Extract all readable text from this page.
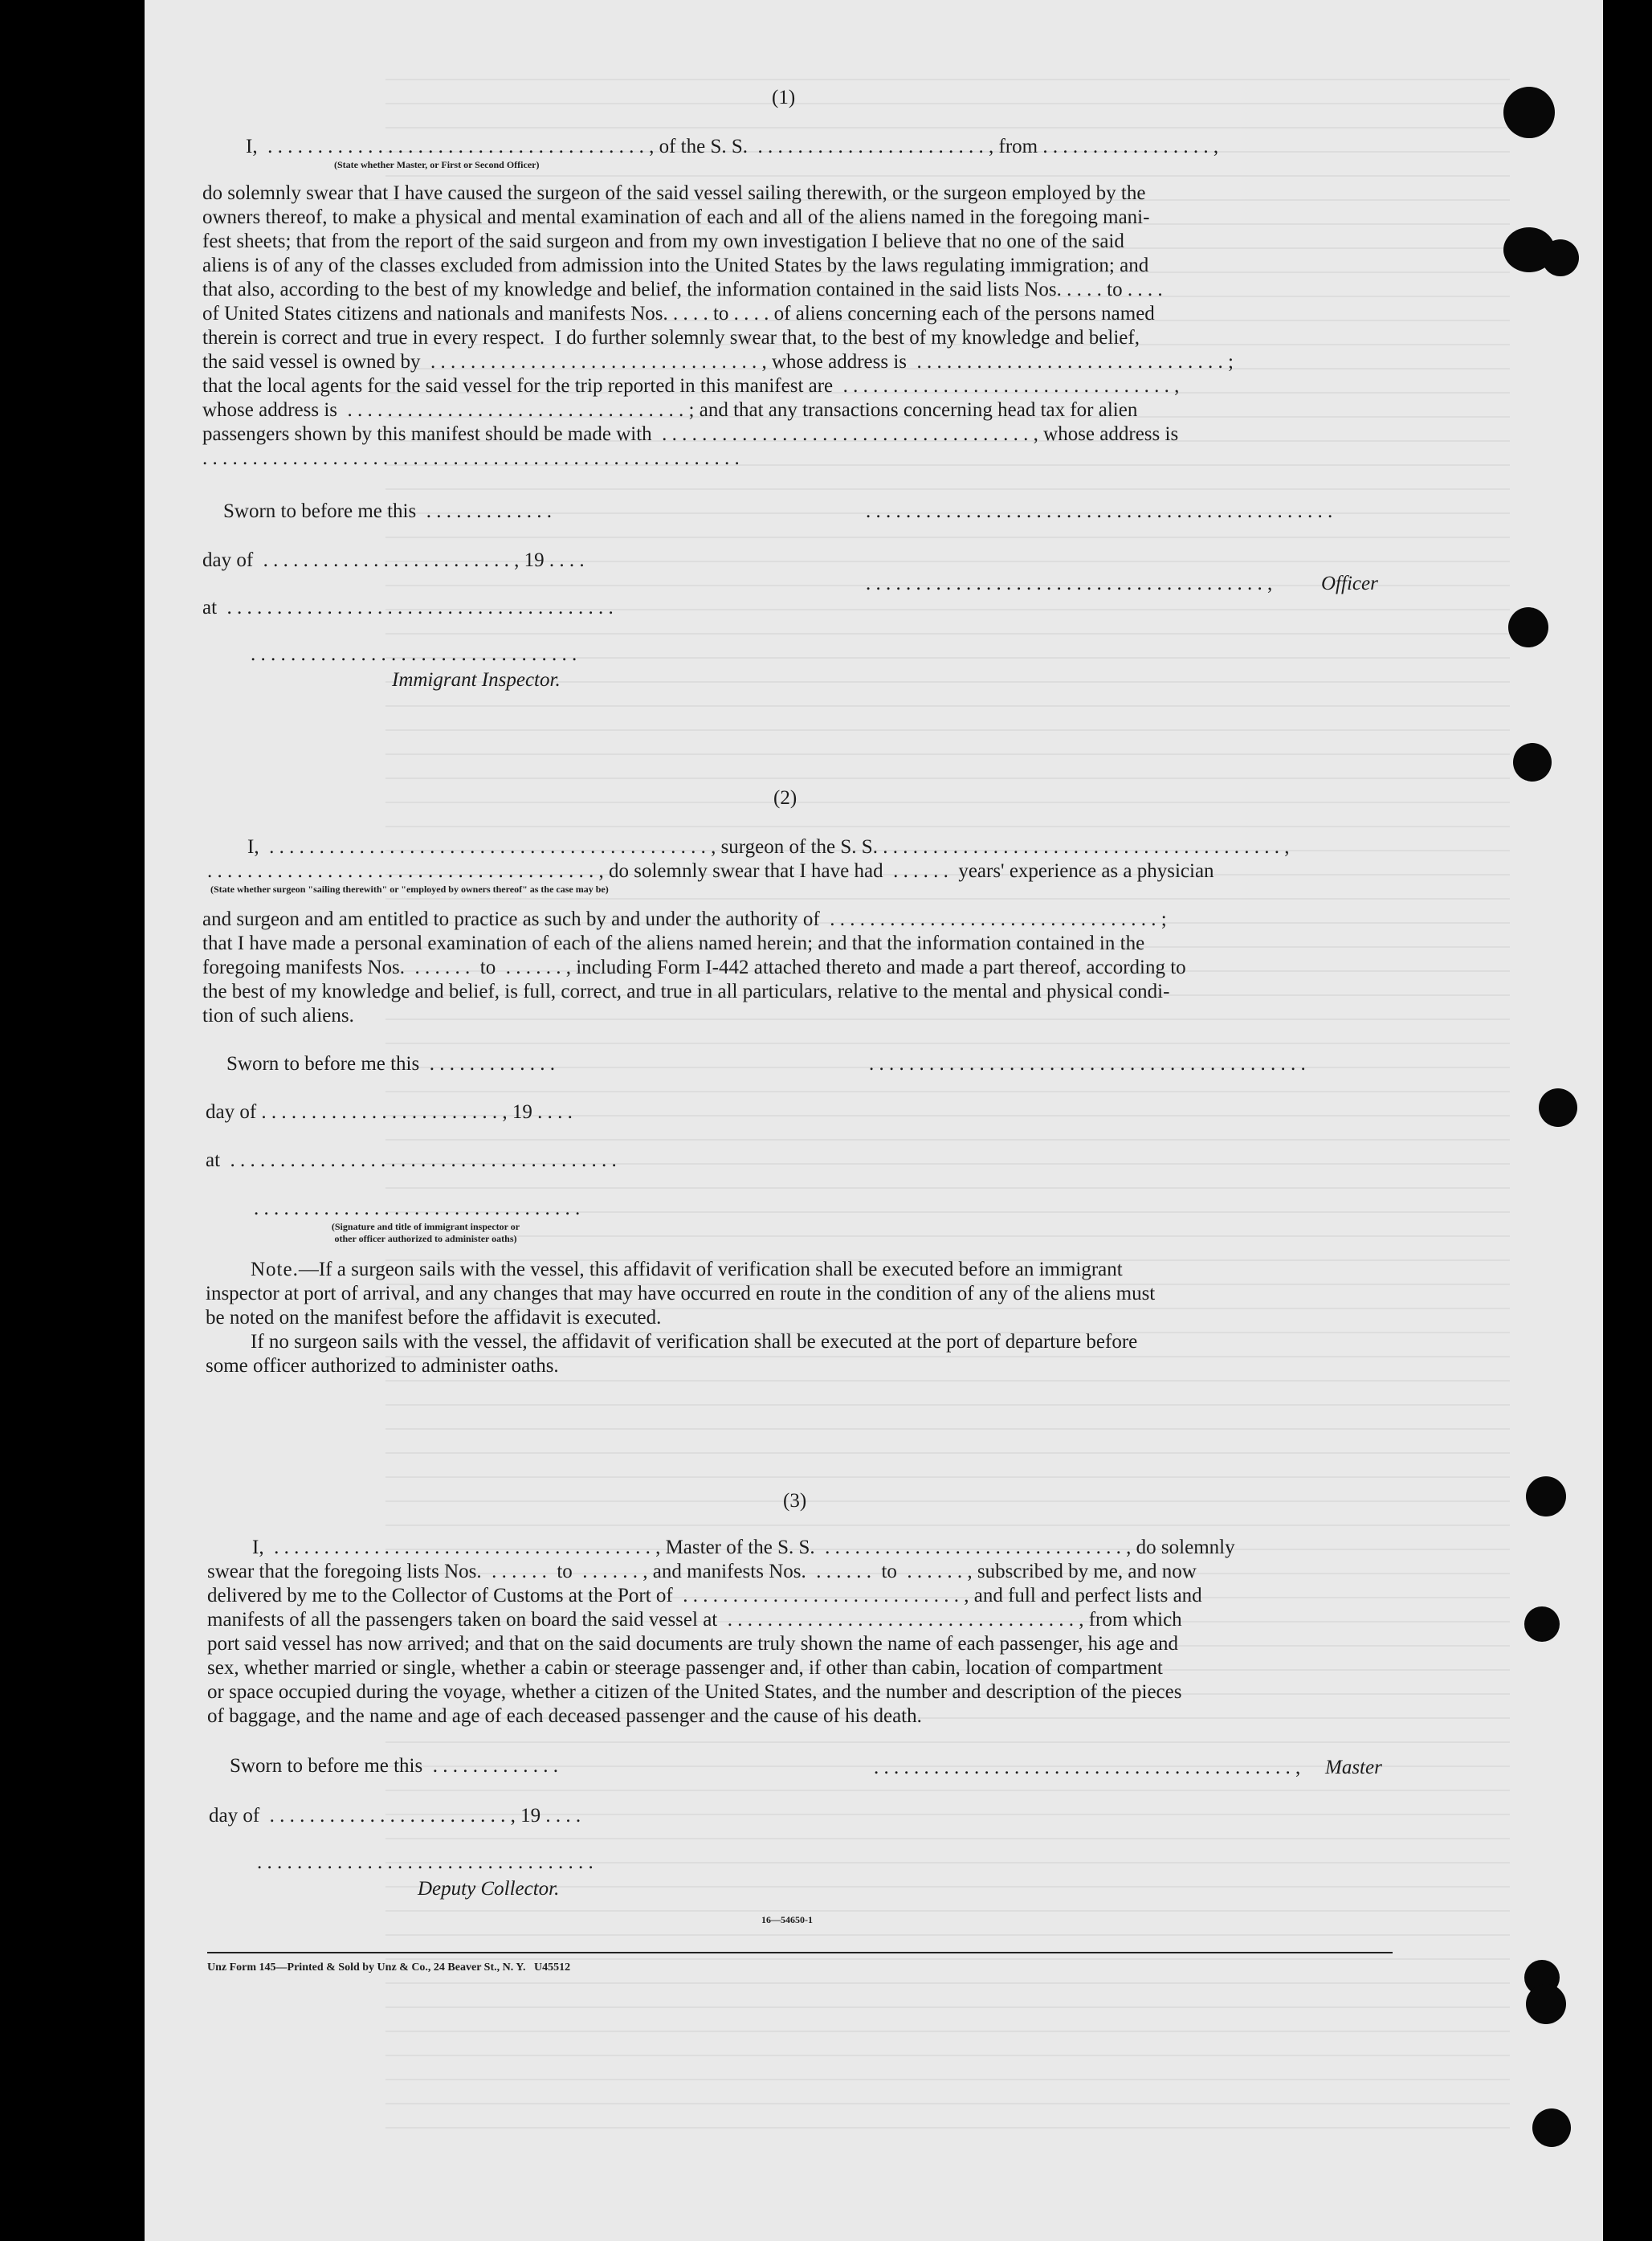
(1)
I,  . . . . . . . . . . . . . . . . . . . . . . . . . . . . . . . . . . . . . . , of the S. S.  . . . . . . . . . . . . . . . . . . . . . . . , from . . . . . . . . . . . . . . . . . ,
(State whether Master, or First or Second Officer)
do solemnly swear that I have caused the surgeon of the said vessel sailing therewith, or the surgeon employed by the
owners thereof, to make a physical and mental examination of each and all of the aliens named in the foregoing mani-
fest sheets; that from the report of the said surgeon and from my own investigation I believe that no one of the said
aliens is of any of the classes excluded from admission into the United States by the laws regulating immigration; and
that also, according to the best of my knowledge and belief, the information contained in the said lists Nos. . . . . to . . . .
of United States citizens and nationals and manifests Nos. . . . . to . . . . of aliens concerning each of the persons named
therein is correct and true in every respect.  I do further solemnly swear that, to the best of my knowledge and belief,
the said vessel is owned by  . . . . . . . . . . . . . . . . . . . . . . . . . . . . . . . . . , whose address is  . . . . . . . . . . . . . . . . . . . . . . . . . . . . . . . ;
that the local agents for the said vessel for the trip reported in this manifest are  . . . . . . . . . . . . . . . . . . . . . . . . . . . . . . . . . ,
whose address is  . . . . . . . . . . . . . . . . . . . . . . . . . . . . . . . . . . ; and that any transactions concerning head tax for alien
passengers shown by this manifest should be made with  . . . . . . . . . . . . . . . . . . . . . . . . . . . . . . . . . . . . . , whose address is
. . . . . . . . . . . . . . . . . . . . . . . . . . . . . . . . . . . . . . . . . . . . . . . . . . . . . .
Sworn to before me this  . . . . . . . . . . . . .
day of  . . . . . . . . . . . . . . . . . . . . . . . . . , 19 . . . .
at  . . . . . . . . . . . . . . . . . . . . . . . . . . . . . . . . . . . . . . .
. . . . . . . . . . . . . . . . . . . . . . . . . . . . . . . . .
Immigrant Inspector.
. . . . . . . . . . . . . . . . . . . . . . . . . . . . . . . . . . . . . . . . . . . . . . .
. . . . . . . . . . . . . . . . . . . . . . . . . . . . . . . . . . . . . . . . , Officer
(2)
I,  . . . . . . . . . . . . . . . . . . . . . . . . . . . . . . . . . . . . . . . . . . . . , surgeon of the S. S. . . . . . . . . . . . . . . . . . . . . . . . . . . . . . . . . . . . . . . . . ,
. . . . . . . . . . . . . . . . . . . . . . . . . . . . . . . . . . . . . . . , do solemnly swear that I have had  . . . . . .  years' experience as a physician
(State whether surgeon "sailing therewith" or "employed by owners thereof" as the case may be)
and surgeon and am entitled to practice as such by and under the authority of  . . . . . . . . . . . . . . . . . . . . . . . . . . . . . . . . . ;
that I have made a personal examination of each of the aliens named herein; and that the information contained in the
foregoing manifests Nos.  . . . . . .  to  . . . . . . , including Form I-442 attached thereto and made a part thereof, according to
the best of my knowledge and belief, is full, correct, and true in all particulars, relative to the mental and physical condi-
tion of such aliens.
Sworn to before me this  . . . . . . . . . . . . .
day of . . . . . . . . . . . . . . . . . . . . . . . . , 19 . . . .
at  . . . . . . . . . . . . . . . . . . . . . . . . . . . . . . . . . . . . . . .
. . . . . . . . . . . . . . . . . . . . . . . . . . . . . . . . .
(Signature and title of immigrant inspector or
other officer authorized to administer oaths)
. . . . . . . . . . . . . . . . . . . . . . . . . . . . . . . . . . . . . . . . . . . .
Note.—If a surgeon sails with the vessel, this affidavit of verification shall be executed before an immigrant
inspector at port of arrival, and any changes that may have occurred en route in the condition of any of the aliens must
be noted on the manifest before the affidavit is executed.
If no surgeon sails with the vessel, the affidavit of verification shall be executed at the port of departure before
some officer authorized to administer oaths.
(3)
I,  . . . . . . . . . . . . . . . . . . . . . . . . . . . . . . . . . . . . . . , Master of the S. S.  . . . . . . . . . . . . . . . . . . . . . . . . . . . . . . , do solemnly
swear that the foregoing lists Nos.  . . . . . .  to  . . . . . . , and manifests Nos.  . . . . . .  to  . . . . . . , subscribed by me, and now
delivered by me to the Collector of Customs at the Port of  . . . . . . . . . . . . . . . . . . . . . . . . . . . . , and full and perfect lists and
manifests of all the passengers taken on board the said vessel at  . . . . . . . . . . . . . . . . . . . . . . . . . . . . . . . . . . . , from which
port said vessel has now arrived; and that on the said documents are truly shown the name of each passenger, his age and
sex, whether married or single, whether a cabin or steerage passenger and, if other than cabin, location of compartment
or space occupied during the voyage, whether a citizen of the United States, and the number and description of the pieces
of baggage, and the name and age of each deceased passenger and the cause of his death.
Sworn to before me this  . . . . . . . . . . . . .
day of  . . . . . . . . . . . . . . . . . . . . . . . . , 19 . . . .
. . . . . . . . . . . . . . . . . . . . . . . . . . . . . . . . . .
Deputy Collector.
. . . . . . . . . . . . . . . . . . . . . . . . . . . . . . . . . . . . . . . . . . , Master
16—54650-1
Unz Form 145—Printed & Sold by Unz & Co., 24 Beaver St., N. Y.   U45512
